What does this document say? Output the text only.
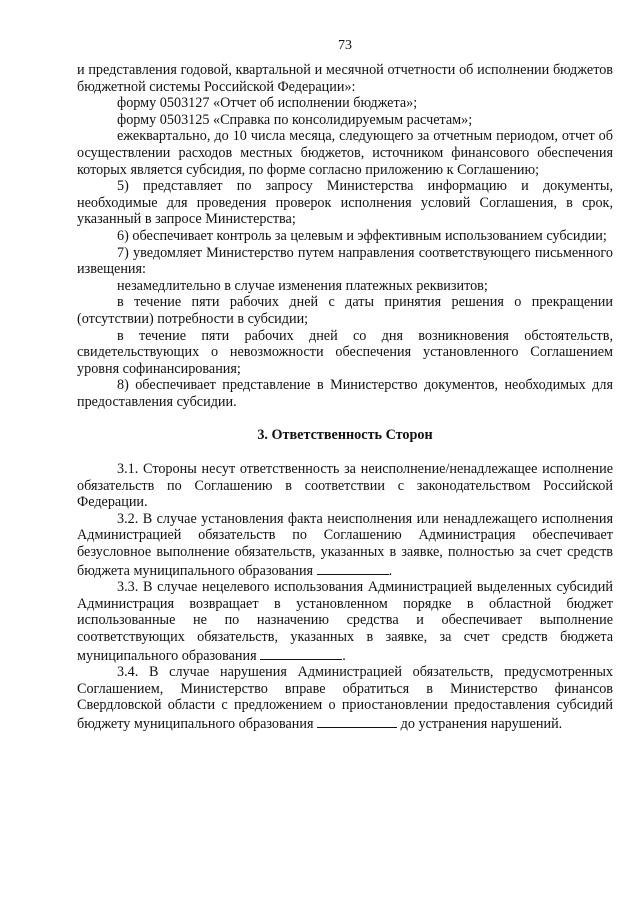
73

и представления годовой, квартальной и месячной отчетности об исполнении бюджетов бюджетной системы Российской Федерации»:

форму 0503127 «Отчет об исполнении бюджета»;

форму 0503125 «Справка по консолидируемым расчетам»;

ежеквартально, до 10 числа месяца, следующего за отчетным периодом, отчет об осуществлении расходов местных бюджетов, источником финансового обеспечения которых является субсидия, по форме согласно приложению к Соглашению;

5) представляет по запросу Министерства информацию и документы, необходимые для проведения проверок исполнения условий Соглашения, в срок, указанный в запросе Министерства;

6) обеспечивает контроль за целевым и эффективным использованием субсидии;

7) уведомляет Министерство путем направления соответствующего письменного извещения:

незамедлительно в случае изменения платежных реквизитов;

в течение пяти рабочих дней с даты принятия решения о прекращении (отсутствии) потребности в субсидии;

в течение пяти рабочих дней со дня возникновения обстоятельств, свидетельствующих о невозможности обеспечения установленного Соглашением уровня софинансирования;

8) обеспечивает представление в Министерство документов, необходимых для предоставления субсидии.

3. Ответственность Сторон

3.1. Стороны несут ответственность за неисполнение/ненадлежащее исполнение обязательств по Соглашению в соответствии с законодательством Российской Федерации.

3.2. В случае установления факта неисполнения или ненадлежащего исполнения Администрацией обязательств по Соглашению Администрация обеспечивает безусловное выполнение обязательств, указанных в заявке, полностью за счет средств бюджета муниципального образования	.

3.3. В случае нецелевого использования Администрацией выделенных субсидий Администрация возвращает в установленном порядке в областной бюджет использованные не по назначению средства и обеспечивает выполнение соответствующих обязательств, указанных в заявке, за счет средств бюджета муниципального образования	.

3.4. В случае нарушения Администрацией обязательств, предусмотренных Соглашением, Министерство вправе обратиться в Министерство финансов Свердловской области с предложением о приостановлении предоставления субсидий бюджету муниципального образования	до устранения нарушений.
